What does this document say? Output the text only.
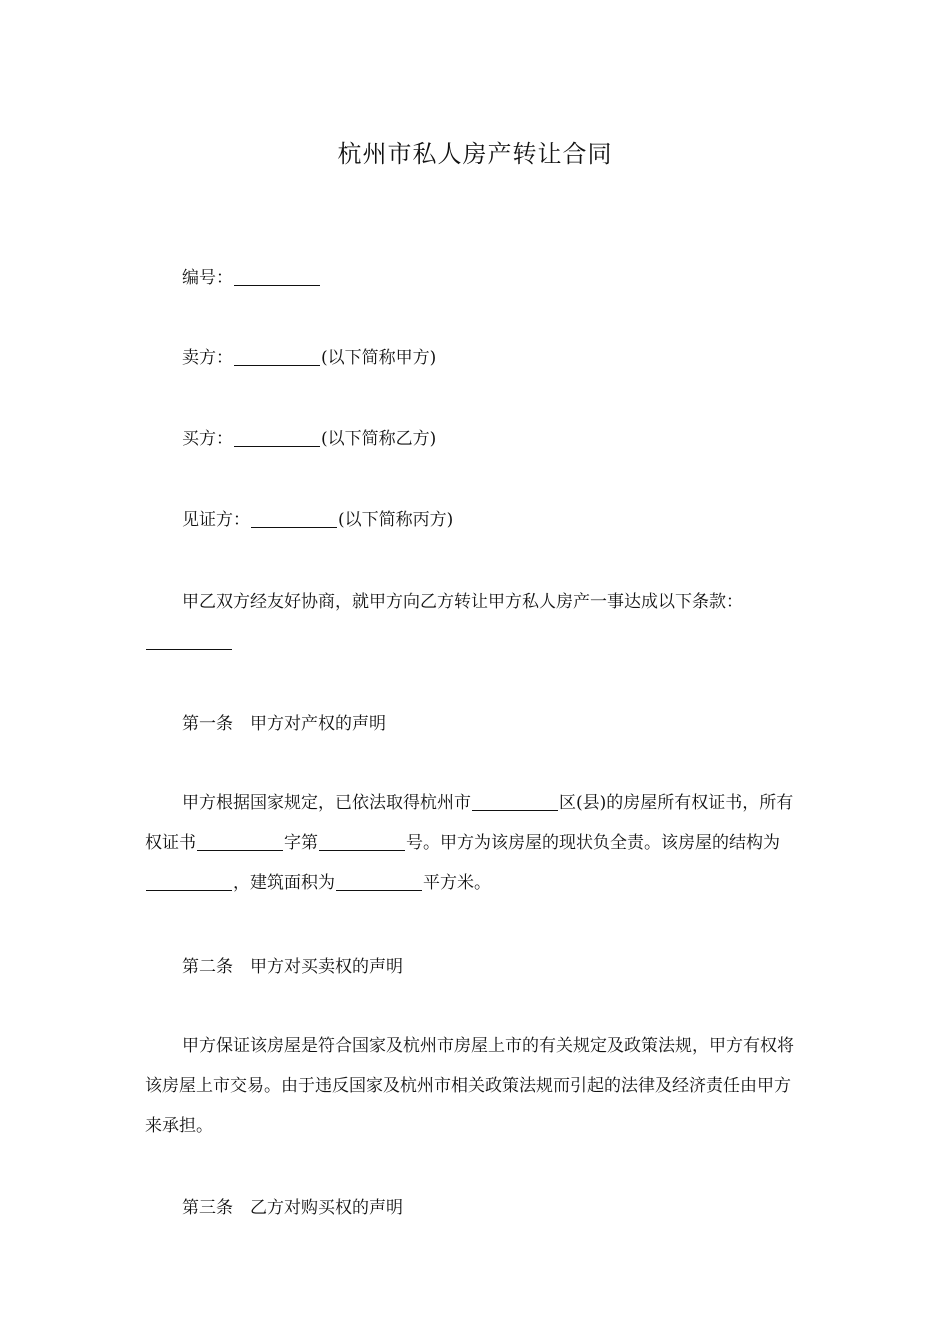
杭州市私人房产转让合同
编号：
卖方：	(以下简称甲方)
买方：	(以下简称乙方)
见证方：	(以下简称丙方)

甲乙双方经友好协商，就甲方向乙方转让甲方私人房产一事达成以下条款：

第一条　甲方对产权的声明

甲方根据国家规定，已依法取得杭州市	区(县)的房屋所有权证书，所有权证书	字第	号。甲方为该房屋的现状负全责。该房屋的结构为，建筑面积为	平方米。

第二条　甲方对买卖权的声明

甲方保证该房屋是符合国家及杭州市房屋上市的有关规定及政策法规，甲方有权将该房屋上市交易。由于违反国家及杭州市相关政策法规而引起的法律及经济责任由甲方来承担。

第三条　乙方对购买权的声明
